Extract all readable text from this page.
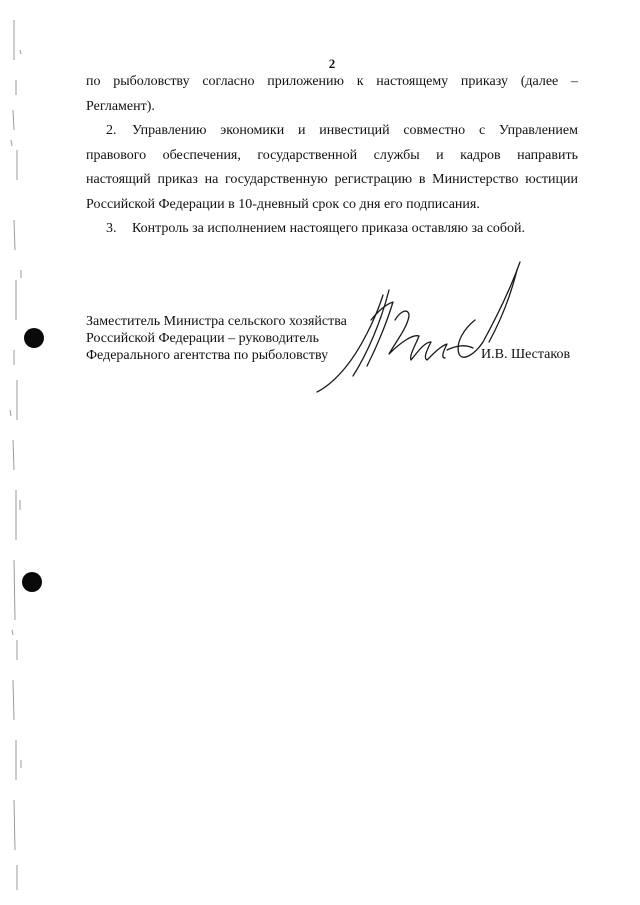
2
по рыболовству согласно приложению к настоящему приказу (далее –
Регламент).
2. Управлению экономики и инвестиций совместно с Управлением
правового обеспечения, государственной службы и кадров направить
настоящий приказ на государственную регистрацию в Министерство юстиции
Российской Федерации в 10-дневный срок со дня его подписания.
3. Контроль за исполнением настоящего приказа оставляю за собой.
Заместитель Министра сельского хозяйства
Российской Федерации – руководитель
Федерального агентства по рыболовству	И.В. Шестаков
